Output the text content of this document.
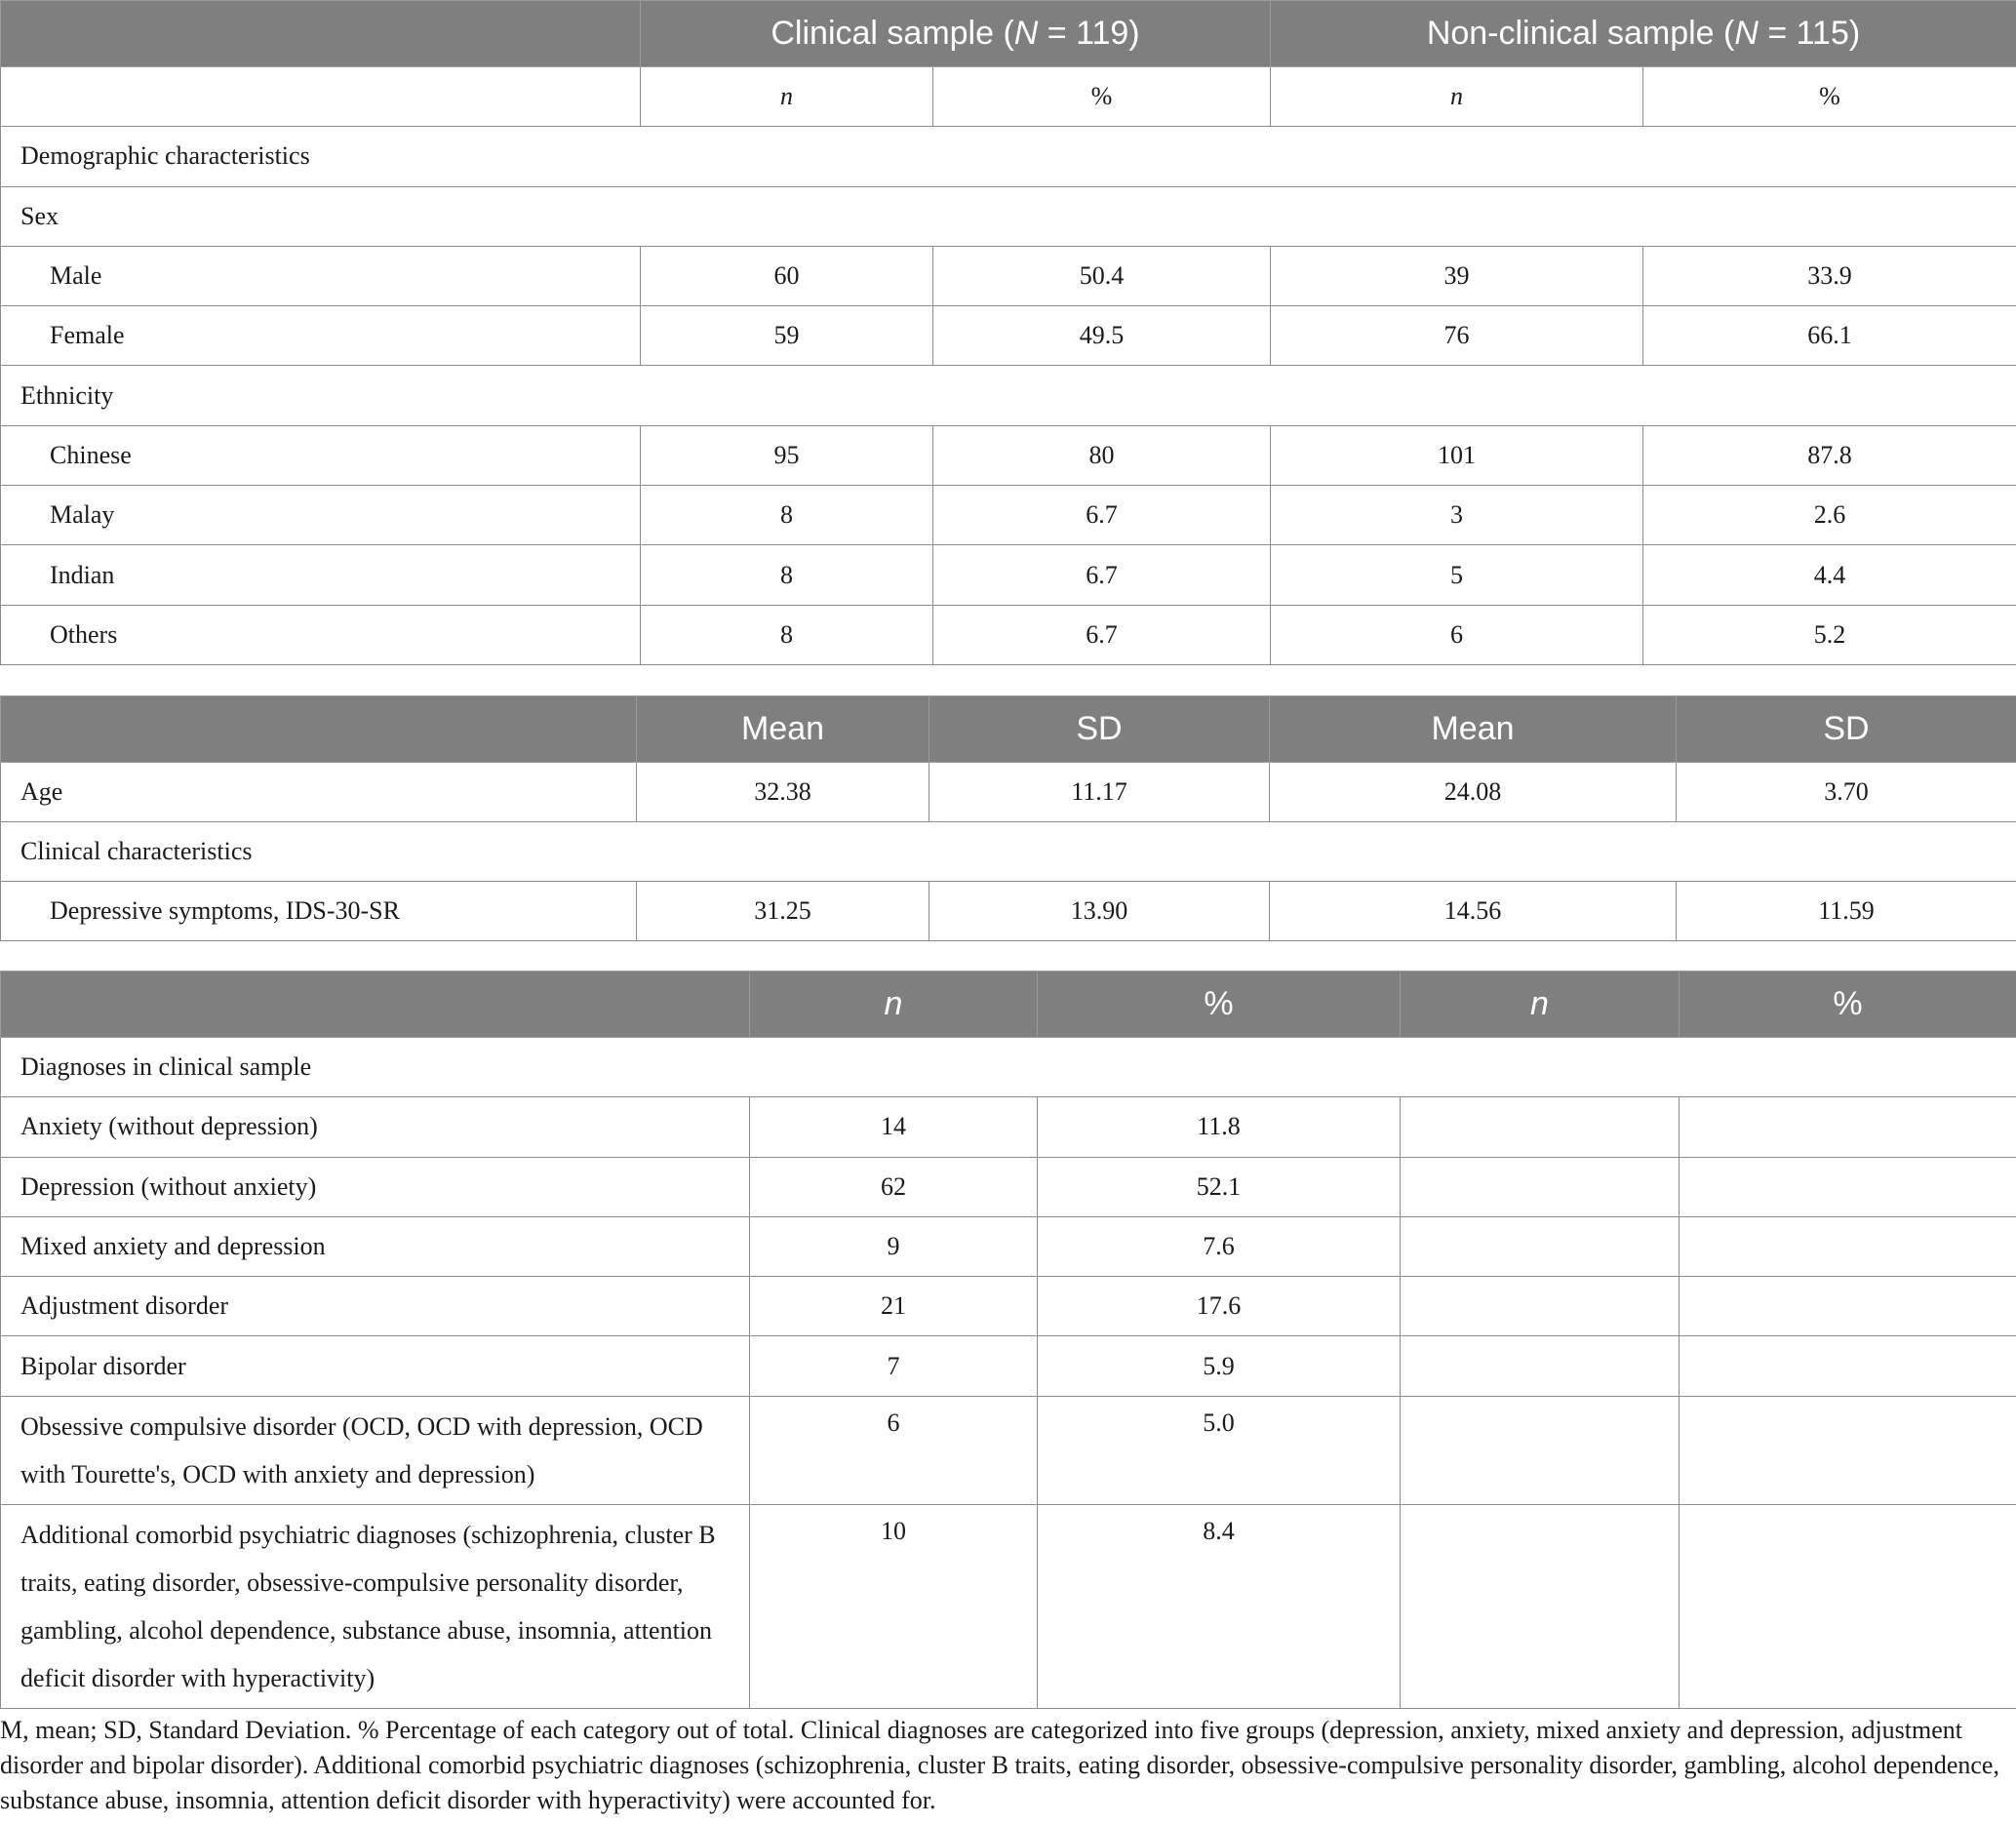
	Clinical sample (N = 119)		Non-clinical sample (N = 115)	
	n	%	n	%
Demographic characteristics				
Sex				
Male	60	50.4	39	33.9
Female	59	49.5	76	66.1
Ethnicity				
Chinese	95	80	101	87.8
Malay	8	6.7	3	2.6
Indian	8	6.7	5	4.4
Others	8	6.7	6	5.2
	Mean	SD	Mean	SD
Age	32.38	11.17	24.08	3.70
Clinical characteristics				
Depressive symptoms, IDS-30-SR	31.25	13.90	14.56	11.59
	n	%	n	%
Diagnoses in clinical sample				
Anxiety (without depression)	14	11.8		
Depression (without anxiety)	62	52.1		
Mixed anxiety and depression	9	7.6		
Adjustment disorder	21	17.6		
Bipolar disorder	7	5.9		
Obsessive compulsive disorder (OCD, OCD with depression, OCD with Tourette's, OCD with anxiety and depression)	6	5.0		
Additional comorbid psychiatric diagnoses (schizophrenia, cluster B traits, eating disorder, obsessive-compulsive personality disorder, gambling, alcohol dependence, substance abuse, insomnia, attention deficit disorder with hyperactivity)	10	8.4		

M, mean; SD, Standard Deviation. % Percentage of each category out of total. Clinical diagnoses are categorized into five groups (depression, anxiety, mixed anxiety and depression, adjustment disorder and bipolar disorder). Additional comorbid psychiatric diagnoses (schizophrenia, cluster B traits, eating disorder, obsessive-compulsive personality disorder, gambling, alcohol dependence, substance abuse, insomnia, attention deficit disorder with hyperactivity) were accounted for.
